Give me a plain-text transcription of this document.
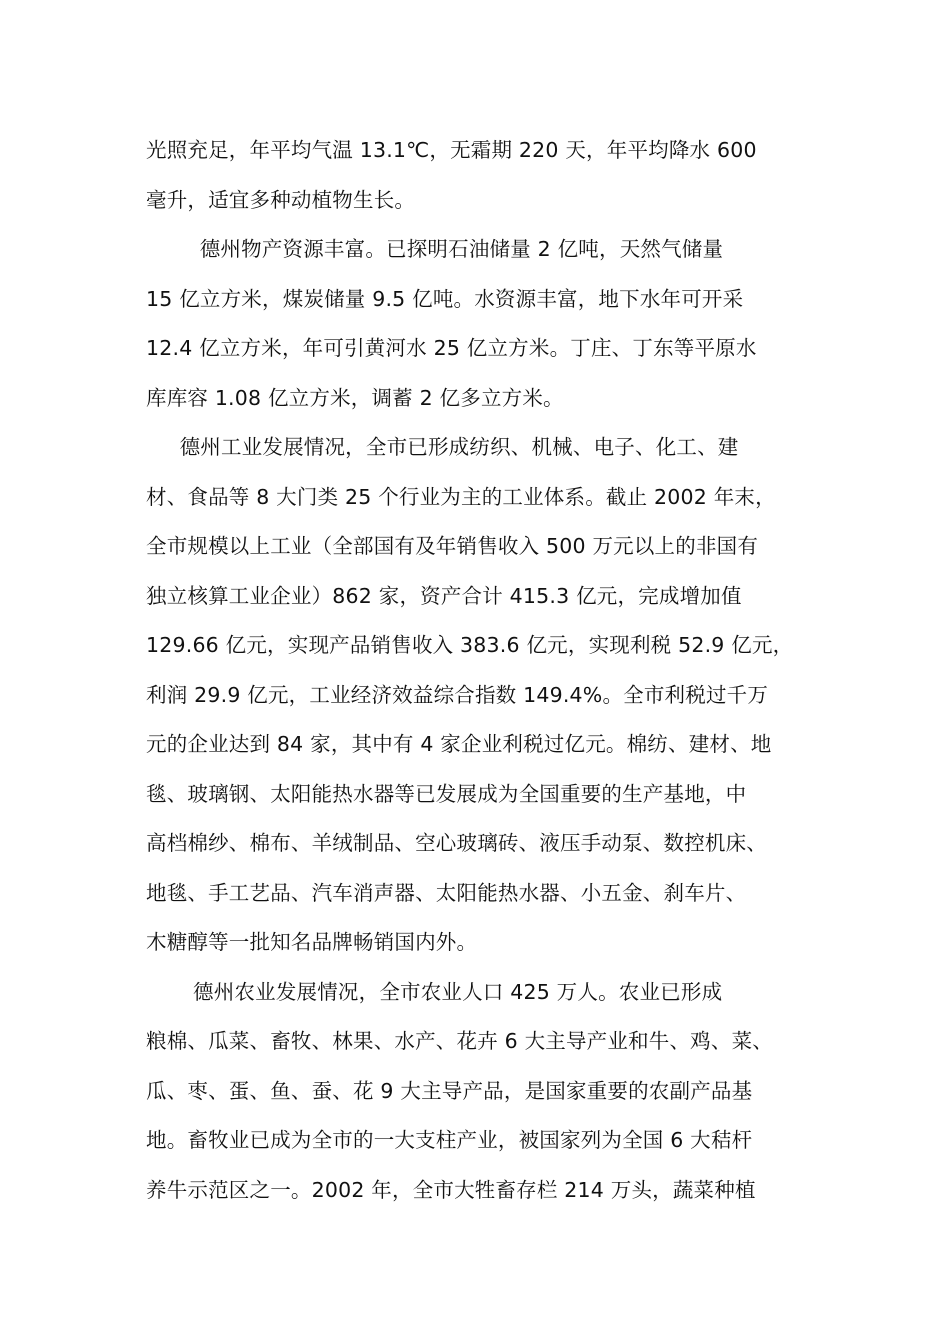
光照充足，年平均气温 13.1℃，无霜期 220 天，年平均降水 600
毫升，适宜多种动植物生长。
德州物产资源丰富。已探明石油储量 2 亿吨，天然气储量
15 亿立方米，煤炭储量 9.5 亿吨。水资源丰富，地下水年可开采
12.4 亿立方米，年可引黄河水 25 亿立方米。丁庄、丁东等平原水
库库容 1.08 亿立方米，调蓄 2 亿多立方米。
德州工业发展情况，全市已形成纺织、机械、电子、化工、建
材、食品等 8 大门类 25 个行业为主的工业体系。截止 2002 年末，
全市规模以上工业（全部国有及年销售收入 500 万元以上的非国有
独立核算工业企业）862 家，资产合计 415.3 亿元，完成增加值
129.66 亿元，实现产品销售收入 383.6 亿元，实现利税 52.9 亿元，
利润 29.9 亿元，工业经济效益综合指数 149.4%。全市利税过千万
元的企业达到 84 家，其中有 4 家企业利税过亿元。棉纺、建材、地
毯、玻璃钢、太阳能热水器等已发展成为全国重要的生产基地，中
高档棉纱、棉布、羊绒制品、空心玻璃砖、液压手动泵、数控机床、
地毯、手工艺品、汽车消声器、太阳能热水器、小五金、刹车片、
木糖醇等一批知名品牌畅销国内外。
德州农业发展情况，全市农业人口 425 万人。农业已形成
粮棉、瓜菜、畜牧、林果、水产、花卉 6 大主导产业和牛、鸡、菜、
瓜、枣、蛋、鱼、蚕、花 9 大主导产品，是国家重要的农副产品基
地。畜牧业已成为全市的一大支柱产业，被国家列为全国 6 大秸杆
养牛示范区之一。2002 年，全市大牲畜存栏 214 万头，蔬菜种植
